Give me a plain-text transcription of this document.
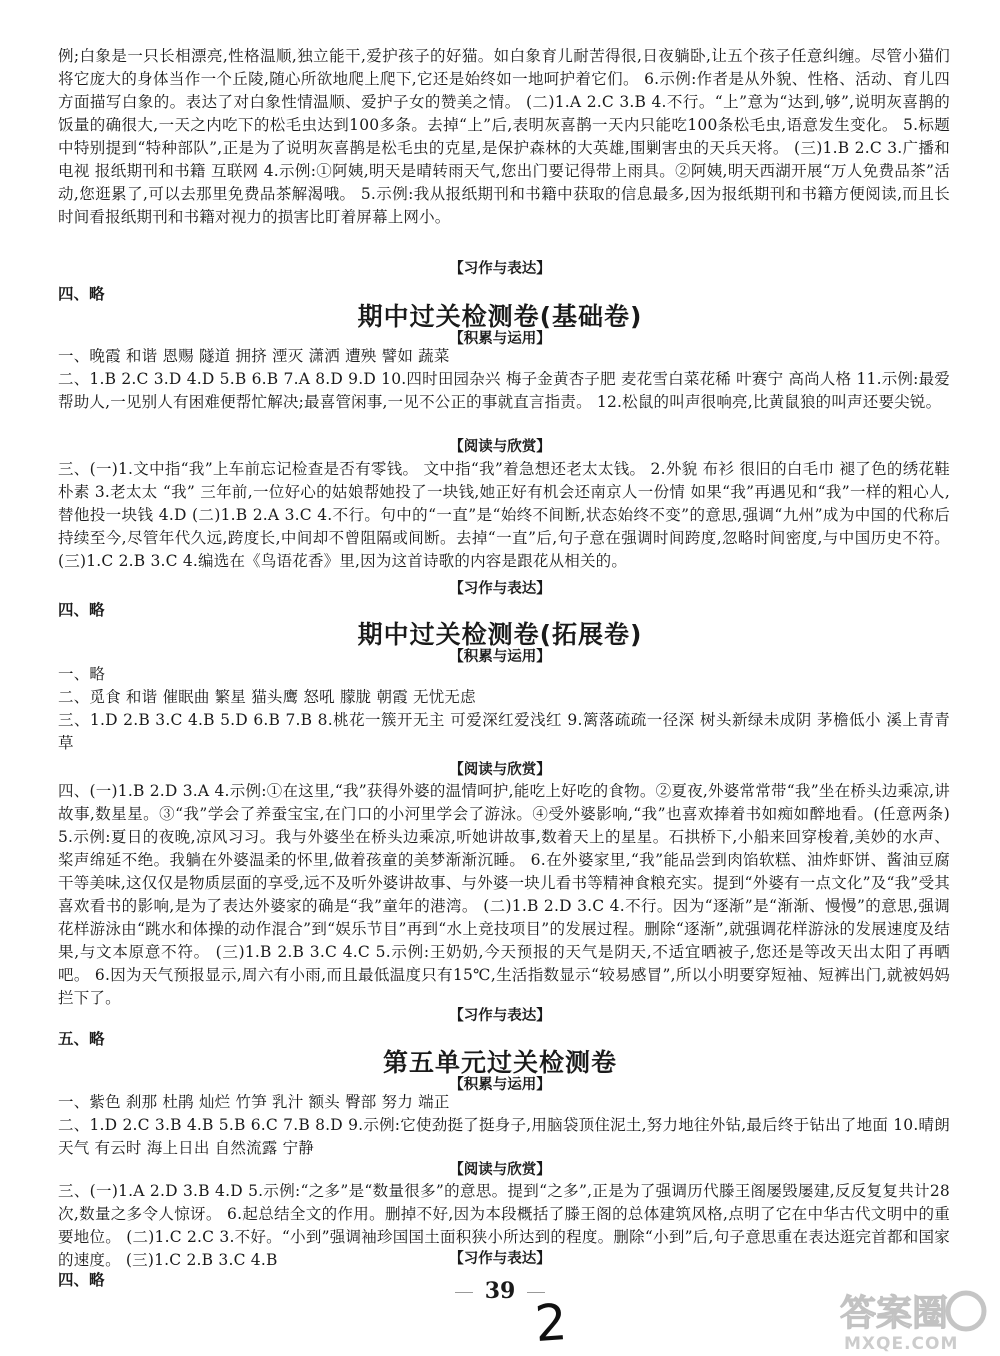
例;白象是一只长相漂亮,性格温顺,独立能干,爱护孩子的好猫。如白象育儿耐苦得很,日夜躺卧,让五个孩子任意纠缠。尽管小猫们将它庞大的身体当作一个丘陵,随心所欲地爬上爬下,它还是始终如一地呵护着它们。 6.示例:作者是从外貌、性格、活动、育儿四方面描写白象的。表达了对白象性情温顺、爱护子女的赞美之情。 (二)1.A 2.C 3.B 4.不行。“上”意为“达到,够”,说明灰喜鹊的饭量的确很大,一天之内吃下的松毛虫达到100多条。去掉“上”后,表明灰喜鹊一天内只能吃100条松毛虫,语意发生变化。 5.标题中特别提到“特种部队”,正是为了说明灰喜鹊是松毛虫的克星,是保护森林的大英雄,围剿害虫的天兵天将。 (三)1.B 2.C 3.广播和电视 报纸期刊和书籍 互联网 4.示例:①阿姨,明天是晴转雨天气,您出门要记得带上雨具。②阿姨,明天西湖开展“万人免费品茶”活动,您逛累了,可以去那里免费品茶解渴哦。 5.示例:我从报纸期刊和书籍中获取的信息最多,因为报纸期刊和书籍方便阅读,而且长时间看报纸期刊和书籍对视力的损害比盯着屏幕上网小。
【习作与表达】
四、略
期中过关检测卷(基础卷)
【积累与运用】
一、晚霞 和谐 恩赐 隧道 拥挤 湮灭 潇洒 遭殃 譬如 蔬菜
二、1.B 2.C 3.D 4.D 5.B 6.B 7.A 8.D 9.D 10.四时田园杂兴 梅子金黄杏子肥 麦花雪白菜花稀 叶赛宁 高尚人格 11.示例:最爱帮助人,一见别人有困难便帮忙解决;最喜管闲事,一见不公正的事就直言指责。 12.松鼠的叫声很响亮,比黄鼠狼的叫声还要尖锐。
【阅读与欣赏】
三、(一)1.文中指“我”上车前忘记检查是否有零钱。 文中指“我”着急想还老太太钱。 2.外貌 布衫 很旧的白毛巾 褪了色的绣花鞋 朴素 3.老太太 “我” 三年前,一位好心的姑娘帮她投了一块钱,她正好有机会还南京人一份情 如果“我”再遇见和“我”一样的粗心人,替他投一块钱 4.D (二)1.B 2.A 3.C 4.不行。句中的“一直”是“始终不间断,状态始终不变”的意思,强调“九州”成为中国的代称后持续至今,尽管年代久远,跨度长,中间却不曾阻隔或间断。去掉“一直”后,句子意在强调时间跨度,忽略时间密度,与中国历史不符。 (三)1.C 2.B 3.C 4.编选在《鸟语花香》里,因为这首诗歌的内容是跟花从相关的。
【习作与表达】
四、略
期中过关检测卷(拓展卷)
【积累与运用】
一、略
二、觅食 和谐 催眠曲 繁星 猫头鹰 怒吼 朦胧 朝霞 无忧无虑
三、1.D 2.B 3.C 4.B 5.D 6.B 7.B 8.桃花一簇开无主 可爱深红爱浅红 9.篱落疏疏一径深 树头新绿未成阴 茅檐低小 溪上青青草
【阅读与欣赏】
四、(一)1.B 2.D 3.A 4.示例:①在这里,“我”获得外婆的温情呵护,能吃上好吃的食物。②夏夜,外婆常常带“我”坐在桥头边乘凉,讲故事,数星星。③“我”学会了养蚕宝宝,在门口的小河里学会了游泳。④受外婆影响,“我”也喜欢捧着书如痴如醉地看。(任意两条) 5.示例:夏日的夜晚,凉风习习。我与外婆坐在桥头边乘凉,听她讲故事,数着天上的星星。石拱桥下,小船来回穿梭着,美妙的水声、桨声绵延不绝。我躺在外婆温柔的怀里,做着孩童的美梦渐渐沉睡。 6.在外婆家里,“我”能品尝到肉馅软糕、油炸虾饼、酱油豆腐干等美味,这仅仅是物质层面的享受,远不及听外婆讲故事、与外婆一块儿看书等精神食粮充实。提到“外婆有一点文化”及“我”受其喜欢看书的影响,是为了表达外婆家的确是“我”童年的港湾。 (二)1.B 2.D 3.C 4.不行。因为“逐渐”是“渐渐、慢慢”的意思,强调花样游泳由“跳水和体操的动作混合”到“娱乐节目”再到“水上竞技项目”的发展过程。删除“逐渐”,就强调花样游泳的发展速度及结果,与文本原意不符。 (三)1.B 2.B 3.C 4.C 5.示例:王奶奶,今天预报的天气是阴天,不适宜晒被子,您还是等改天出太阳了再晒吧。 6.因为天气预报显示,周六有小雨,而且最低温度只有15℃,生活指数显示“较易感冒”,所以小明要穿短袖、短裤出门,就被妈妈拦下了。
【习作与表达】
五、略
第五单元过关检测卷
【积累与运用】
一、紫色 刹那 杜鹃 灿烂 竹笋 乳汁 额头 臀部 努力 端正
二、1.D 2.C 3.B 4.B 5.B 6.C 7.B 8.D 9.示例:它使劲挺了挺身子,用脑袋顶住泥土,努力地往外钻,最后终于钻出了地面 10.晴朗天气 有云时 海上日出 自然流露 宁静
【阅读与欣赏】
三、(一)1.A 2.D 3.B 4.D 5.示例:“之多”是“数量很多”的意思。提到“之多”,正是为了强调历代滕王阁屡毁屡建,反反复复共计28次,数量之多令人惊讶。 6.起总结全文的作用。删掉不好,因为本段概括了滕王阁的总体建筑风格,点明了它在中华古代文明中的重要地位。 (二)1.C 2.C 3.不好。“小到”强调袖珍国国土面积狭小所达到的程度。删除“小到”后,句子意思重在表达逛完首都和国家的速度。 (三)1.C 2.B 3.C 4.B	【习作与表达】
四、略	39
2	答案圈
MXQE.COM
